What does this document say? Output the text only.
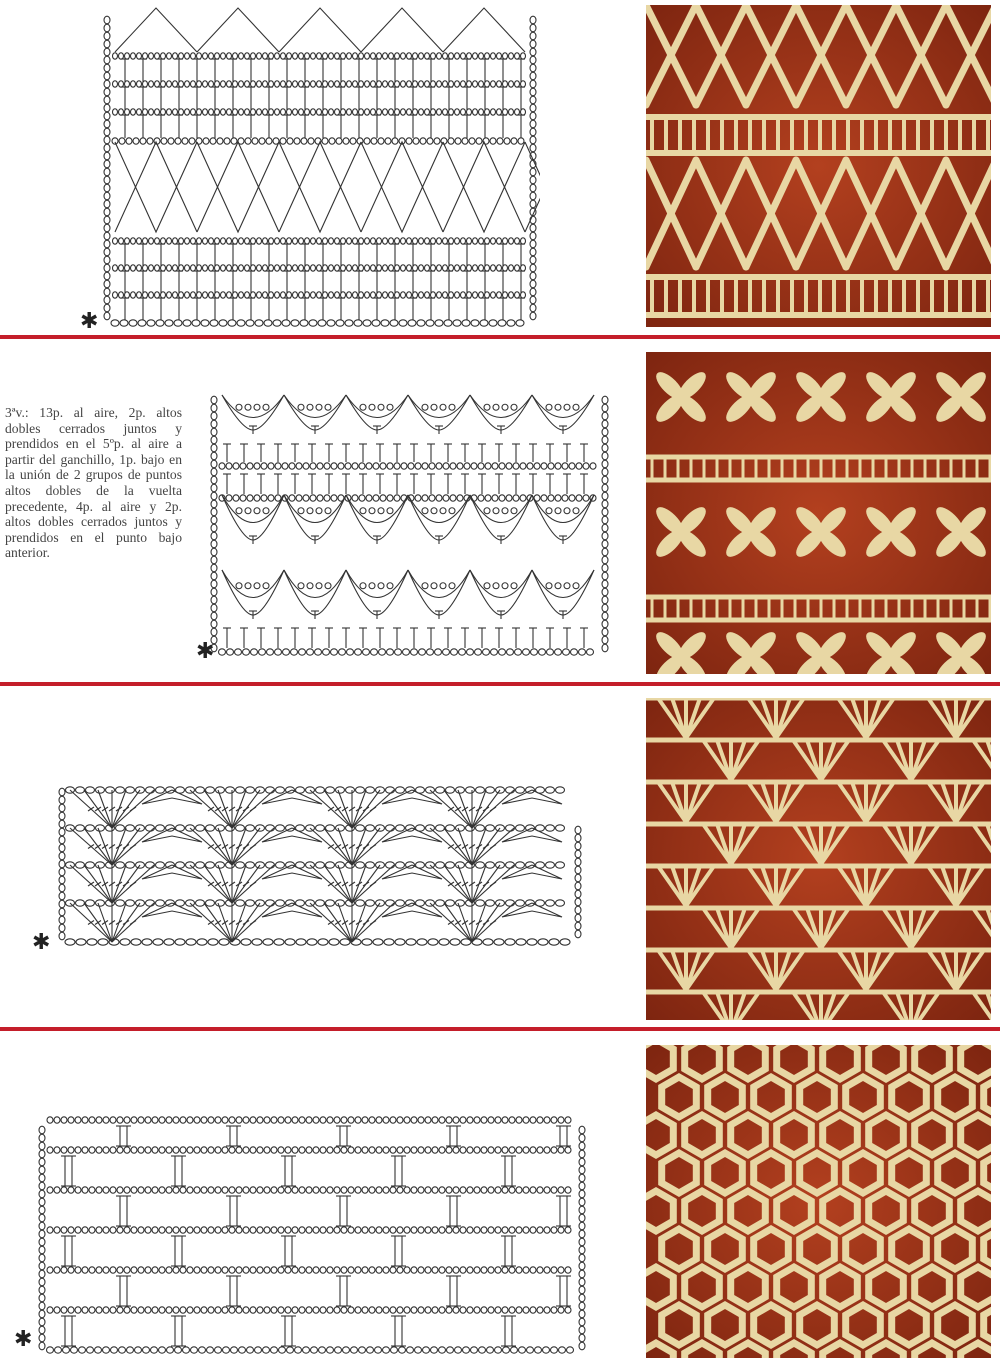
✱
3ªv.: 13p. al aire, 2p. altos dobles cerrados juntos y prendidos en el 5ºp. al aire a partir del ganchillo, 1p. bajo en la unión de 2 grupos de puntos altos dobles de la vuelta precedente, 4p. al aire y 2p. altos dobles cerrados juntos y prendidos en el punto bajo anterior.
✱
✱
✱
